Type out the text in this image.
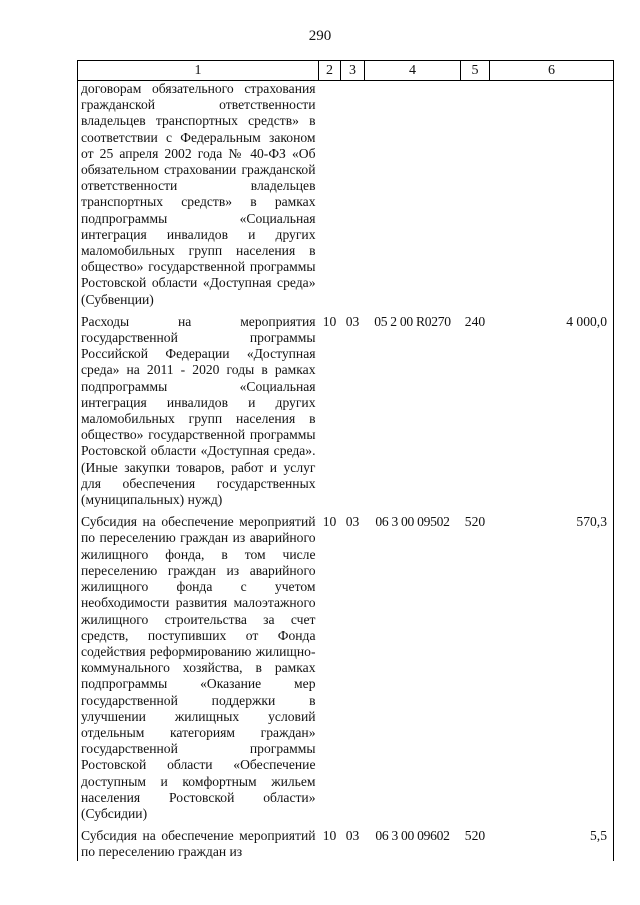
290
1	2	3	4	5	6
договорам обязательного страхования гражданской ответственности владельцев транспортных средств» в соответствии с Федеральным законом от 25 апреля 2002 года № 40-ФЗ «Об обязательном страховании гражданской ответственности владельцев транспортных средств» в рамках подпрограммы «Социальная интеграция инвалидов и других маломобильных групп населения в общество» государственной программы Ростовской области «Доступная среда» (Субвенции)					
Расходы на мероприятия государственной программы Российской Федерации «Доступная среда» на 2011 - 2020 годы в рамках подпрограммы «Социальная интеграция инвалидов и других маломобильных групп населения в общество» государственной программы Ростовской области «Доступная среда». (Иные закупки товаров, работ и услуг для обеспечения государственных (муниципальных) нужд)	10	03	05 2 00 R0270	240	4 000,0
Субсидия на обеспечение мероприятий по переселению граждан из аварийного жилищного фонда, в том числе переселению граждан из аварийного жилищного фонда с учетом необходимости развития малоэтажного жилищного строительства за счет средств, поступивших от Фонда содействия реформированию жилищно-коммунального хозяйства, в рамках подпрограммы «Оказание мер государственной поддержки в улучшении жилищных условий отдельным категориям граждан» государственной программы Ростовской области «Обеспечение доступным и комфортным жильем населения Ростовской области» (Субсидии)	10	03	06 3 00 09502	520	570,3
Субсидия на обеспечение мероприятий по переселению граждан из	10	03	06 3 00 09602	520	5,5
